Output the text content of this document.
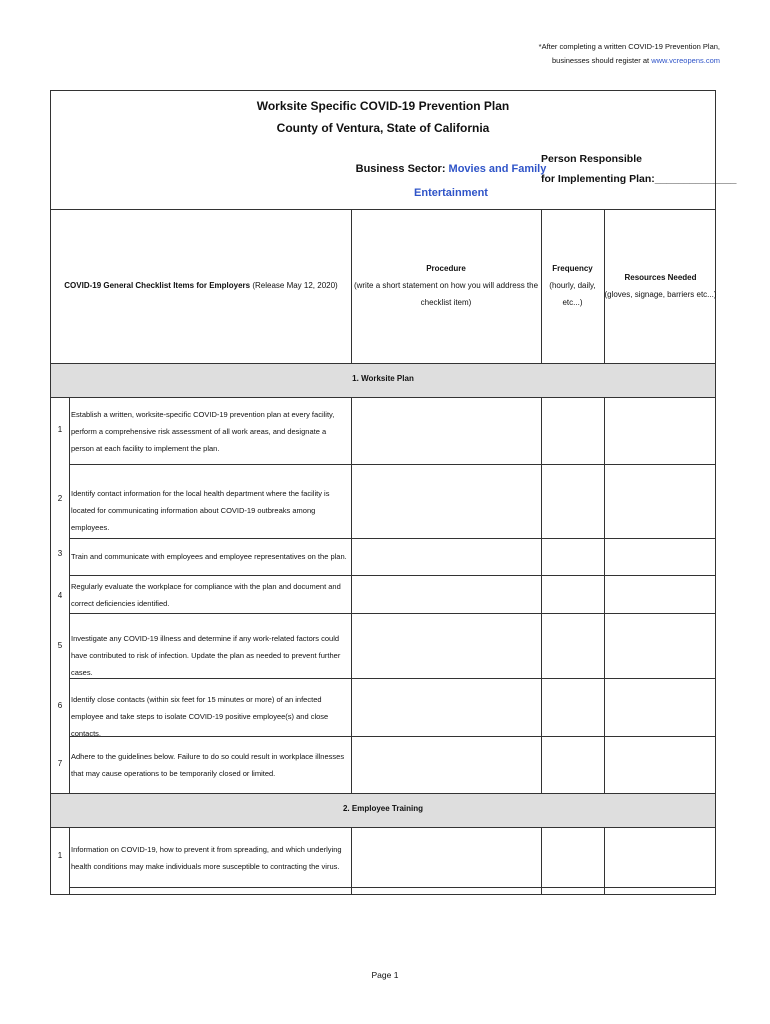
*After completing a written COVID-19 Prevention Plan,
businesses should register at www.vcreopens.com
Worksite Specific COVID-19 Prevention Plan
County of Ventura, State of California
Business Sector: Movies and Family
Entertainment
Person Responsible
for Implementing Plan:______________
COVID-19 General Checklist Items for Employers (Release May 12, 2020)
Procedure
(write a short statement on how you will address the
checklist item)
Frequency
(hourly, daily,
etc...)
Resources Needed
(gloves, signage, barriers etc...)
1. Worksite Plan
1
Establish a written, worksite-specific COVID-19 prevention plan at every facility, perform a comprehensive risk assessment of all work areas, and designate a person at each facility to implement the plan.
2
Identify contact information for the local health department where the facility is located for communicating information about COVID-19 outbreaks among employees.
3	Train and communicate with employees and employee representatives on the plan.
4
Regularly evaluate the workplace for compliance with the plan and document and correct deficiencies identified.
5
Investigate any COVID-19 illness and determine if any work-related factors could have contributed to risk of infection. Update the plan as needed to prevent further cases.
6
Identify close contacts (within six feet for 15 minutes or more) of an infected employee and take steps to isolate COVID-19 positive employee(s) and close contacts.
7
Adhere to the guidelines below. Failure to do so could result in workplace illnesses that may cause operations to be temporarily closed or limited.
2. Employee Training
1
Information on COVID-19, how to prevent it from spreading, and which underlying health conditions may make individuals more susceptible to contracting the virus.
Page 1
